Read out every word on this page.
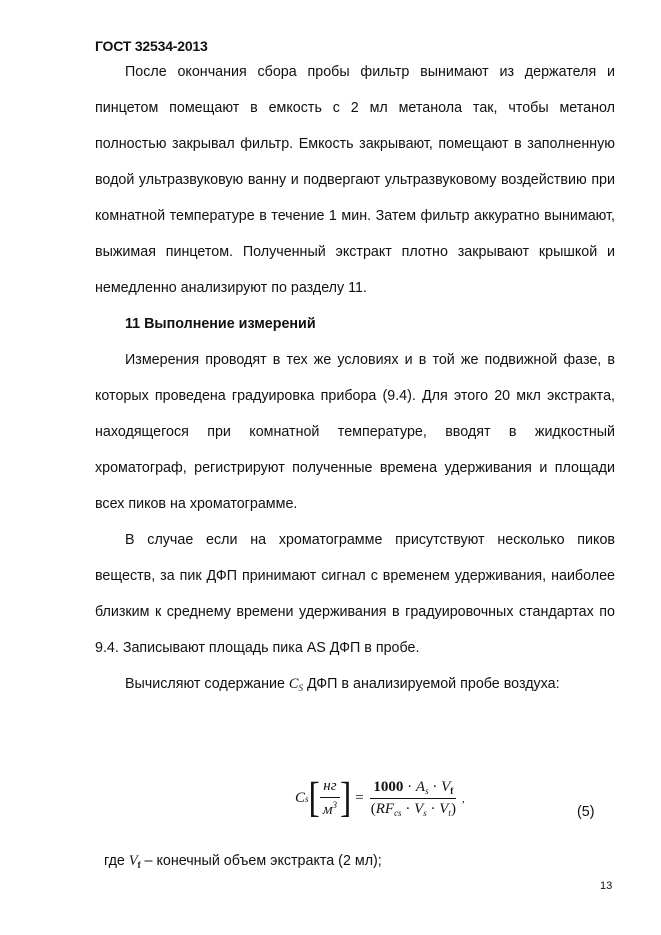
ГОСТ 32534-2013

После окончания сбора пробы фильтр вынимают из держателя и пинцетом помещают в емкость с 2 мл метанола так, чтобы метанол полностью закрывал фильтр. Емкость закрывают, помещают в заполненную водой ультразвуковую ванну и подвергают ультразвуковому воздействию при комнатной температуре в течение 1 мин. Затем фильтр аккуратно вынимают, выжимая пинцетом. Полученный экстракт плотно закрывают крышкой и немедленно анализируют по разделу 11.

11 Выполнение измерений

Измерения проводят в тех же условиях и в той же подвижной фазе, в которых проведена градуировка прибора (9.4). Для этого 20 мкл экстракта, находящегося при комнатной температуре, вводят в жидкостный хроматограф, регистрируют полученные времена удерживания и площади всех пиков на хроматограмме.

В случае если на хроматограмме присутствуют несколько пиков веществ, за пик ДФП принимают сигнал с временем удерживания, наиболее близким к среднему времени удерживания в градуировочных стандартах по 9.4. Записывают площадь пика AS ДФП в пробе.

Вычисляют содержание $C_S$ ДФП в анализируемой пробе воздуха:

C s [ $\frac{нг}{м^3}$ ] = $\frac{1000 \cdot A_s \cdot V_f}{(RF_{cs} \cdot V_s \cdot V_t)}$ ,
(5)
где $V_f$ – конечный объем экстракта (2 мл);
13
